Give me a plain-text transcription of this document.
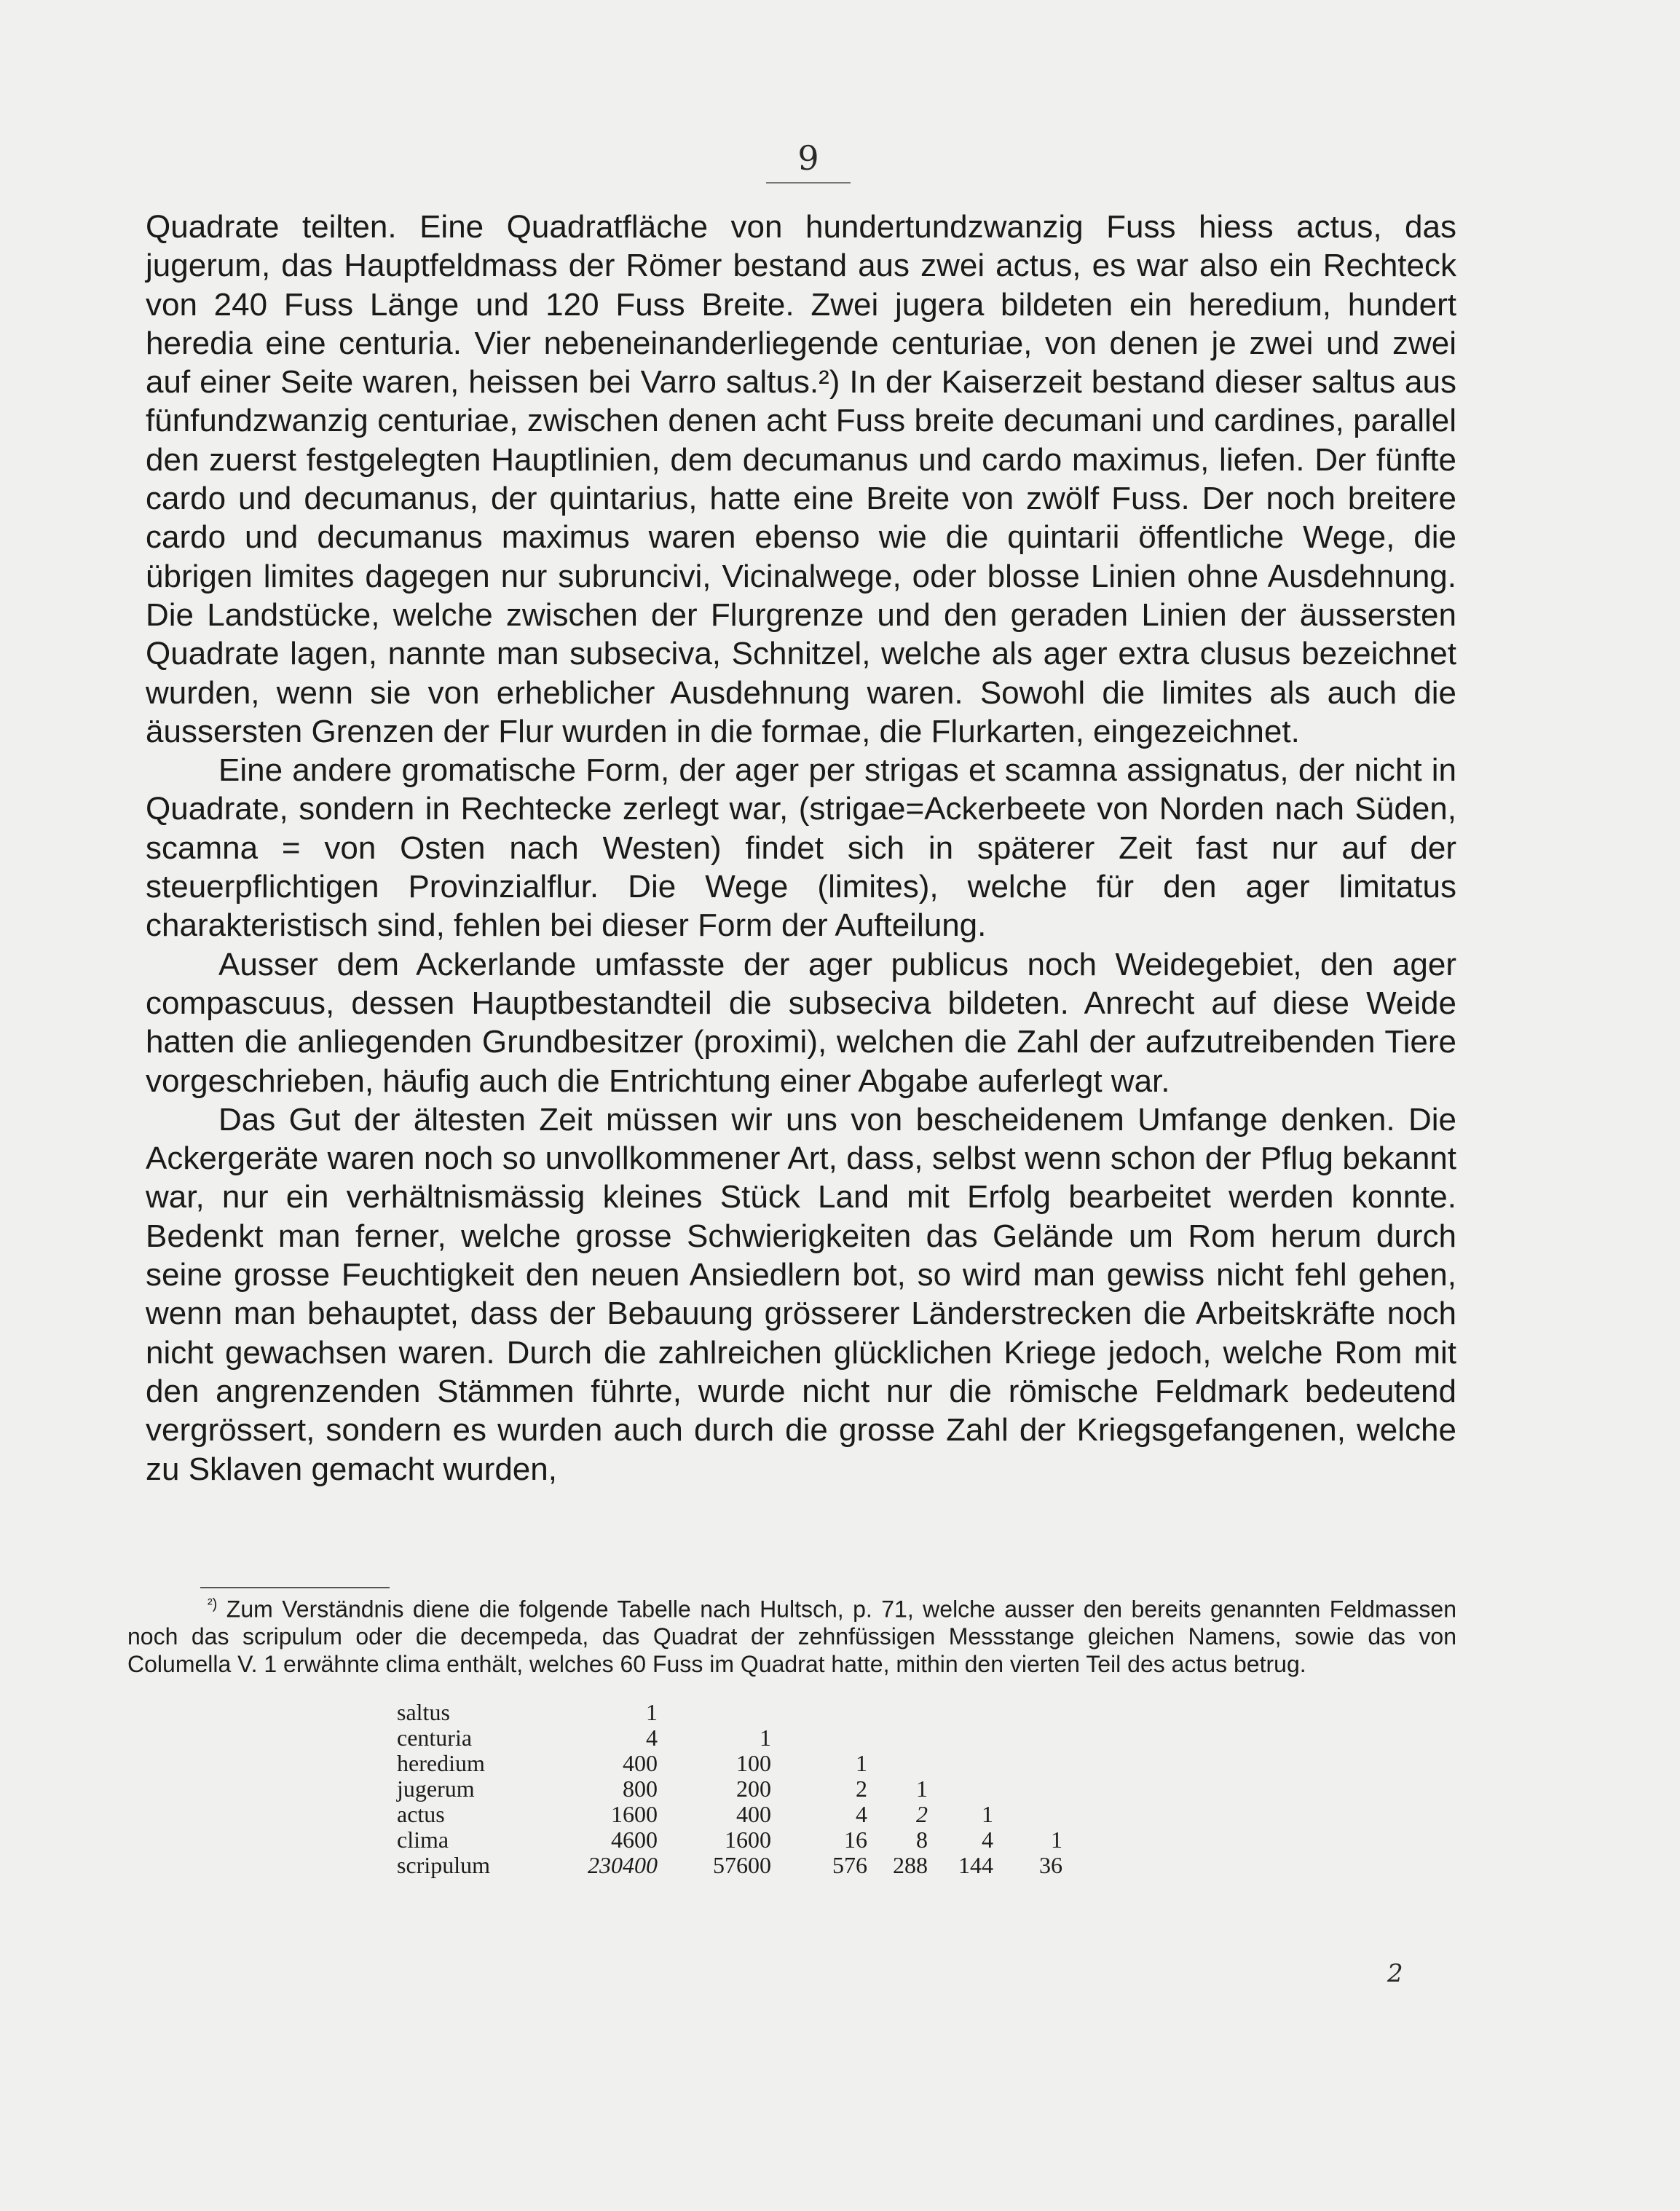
9

Quadrate teilten. Eine Quadratfläche von hundertundzwanzig Fuss hiess actus, das jugerum, das Hauptfeldmass der Römer bestand aus zwei actus, es war also ein Rechteck von 240 Fuss Länge und 120 Fuss Breite. Zwei jugera bildeten ein heredium, hundert heredia eine centuria. Vier nebeneinanderliegende centuriae, von denen je zwei und zwei auf einer Seite waren, heissen bei Varro saltus.²) In der Kaiserzeit bestand dieser saltus aus fünfundzwanzig centuriae, zwischen denen acht Fuss breite decumani und cardines, parallel den zuerst festgelegten Hauptlinien, dem decumanus und cardo maximus, liefen. Der fünfte cardo und decumanus, der quintarius, hatte eine Breite von zwölf Fuss. Der noch breitere cardo und decumanus maximus waren ebenso wie die quintarii öffentliche Wege, die übrigen limites dagegen nur subruncivi, Vicinalwege, oder blosse Linien ohne Ausdehnung. Die Landstücke, welche zwischen der Flurgrenze und den geraden Linien der äussersten Quadrate lagen, nannte man subseciva, Schnitzel, welche als ager extra clusus bezeichnet wurden, wenn sie von erheblicher Ausdehnung waren. Sowohl die limites als auch die äussersten Grenzen der Flur wurden in die formae, die Flurkarten, eingezeichnet.

Eine andere gromatische Form, der ager per strigas et scamna assignatus, der nicht in Quadrate, sondern in Rechtecke zerlegt war, (strigae=Ackerbeete von Norden nach Süden, scamna = von Osten nach Westen) findet sich in späterer Zeit fast nur auf der steuerpflichtigen Provinzialflur. Die Wege (limites), welche für den ager limitatus charakteristisch sind, fehlen bei dieser Form der Aufteilung.

Ausser dem Ackerlande umfasste der ager publicus noch Weidegebiet, den ager compascuus, dessen Hauptbestandteil die subseciva bildeten. Anrecht auf diese Weide hatten die anliegenden Grundbesitzer (proximi), welchen die Zahl der aufzutreibenden Tiere vorgeschrieben, häufig auch die Entrichtung einer Abgabe auferlegt war.

Das Gut der ältesten Zeit müssen wir uns von bescheidenem Umfange denken. Die Ackergeräte waren noch so unvollkommener Art, dass, selbst wenn schon der Pflug bekannt war, nur ein verhältnismässig kleines Stück Land mit Erfolg bearbeitet werden konnte. Bedenkt man ferner, welche grosse Schwierigkeiten das Gelände um Rom herum durch seine grosse Feuchtigkeit den neuen Ansiedlern bot, so wird man gewiss nicht fehl gehen, wenn man behauptet, dass der Bebauung grösserer Länderstrecken die Arbeitskräfte noch nicht gewachsen waren. Durch die zahlreichen glücklichen Kriege jedoch, welche Rom mit den angrenzenden Stämmen führte, wurde nicht nur die römische Feldmark bedeutend vergrössert, sondern es wurden auch durch die grosse Zahl der Kriegsgefangenen, welche zu Sklaven gemacht wurden,

$^{^2)}$ Zum Verständnis diene die folgende Tabelle nach Hultsch, p. 71, welche ausser den bereits genannten Feldmassen noch das scripulum oder die decempeda, das Quadrat der zehnfüssigen Messstange gleichen Namens, sowie das von Columella V. 1 erwähnte clima enthält, welches 60 Fuss im Quadrat hatte, mithin den vierten Teil des actus betrug.

saltus	1					
centuria	4	1				
heredium	400	100	1			
jugerum	800	200	2	1		
actus	1600	400	4	2	1	
clima	4600	1600	16	8	4	1
scripulum	230400	57600	576	288	144	36
2
